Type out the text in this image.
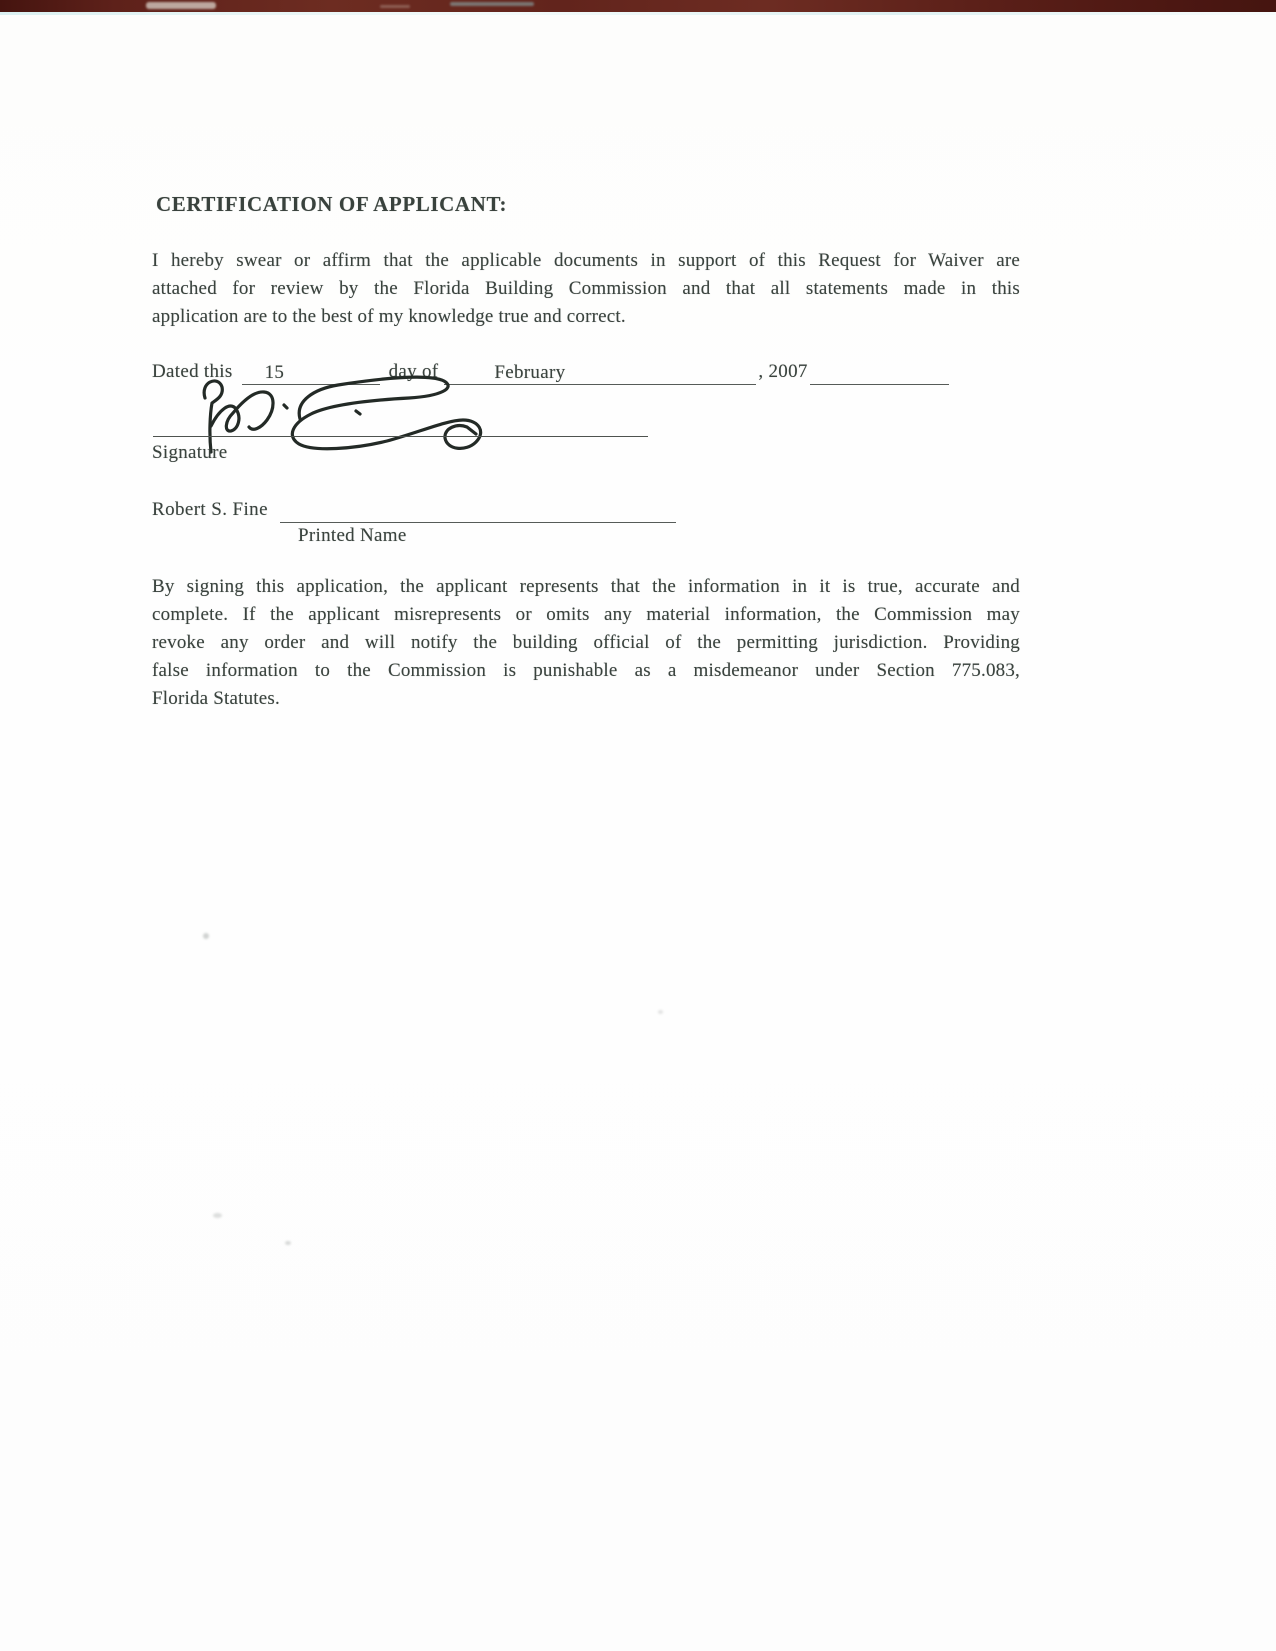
CERTIFICATION OF APPLICANT:
I hereby swear or affirm that the applicable documents in support of this Request for Waiver are
attached for review by the Florida Building Commission and that all statements made in this
application are to the best of my knowledge true and correct.
Dated this 15	day of	February	, 2007
Signature
Robert S. Fine
Printed Name
By signing this application, the applicant represents that the information in it is true, accurate and
complete. If the applicant misrepresents or omits any material information, the Commission may
revoke any order and will notify the building official of the permitting jurisdiction. Providing
false information to the Commission is punishable as a misdemeanor under Section 775.083,
Florida Statutes.
